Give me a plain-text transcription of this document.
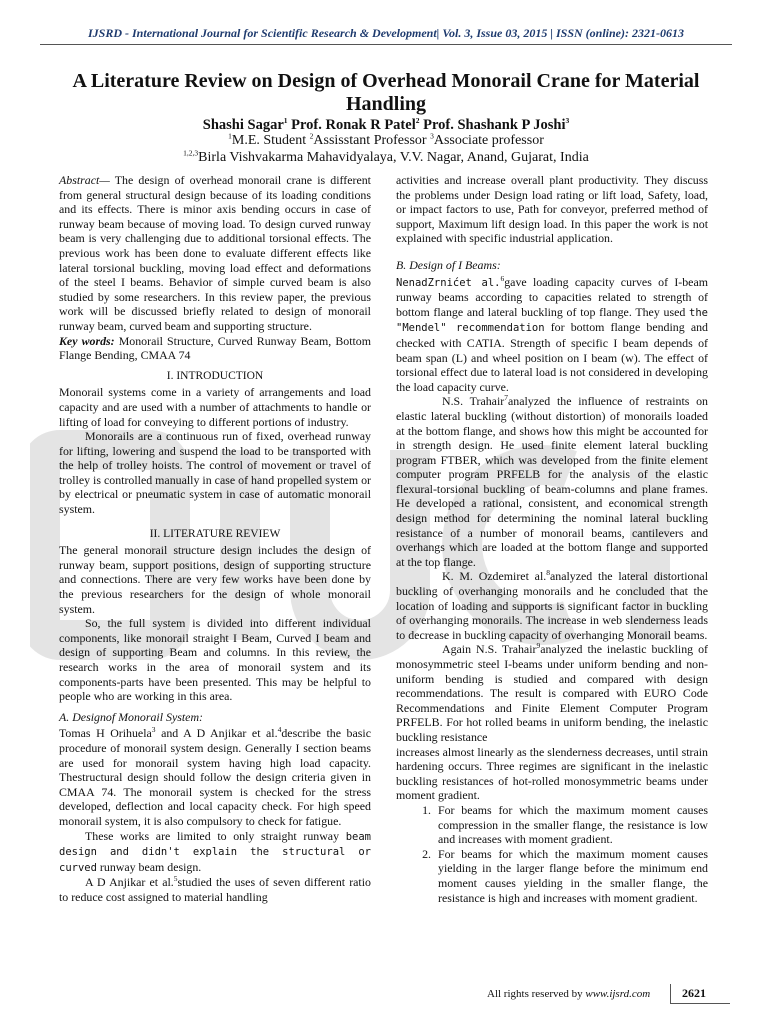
IJSRD - International Journal for Scientific Research & Development| Vol. 3, Issue 03, 2015 | ISSN (online): 2321-0613
A Literature Review on Design of Overhead Monorail Crane for Material Handling
Shashi Sagar$^1$ Prof. Ronak R Patel$^2$ Prof. Shashank P Joshi$^3$
$^1$M.E. Student $^2$Assisstant Professor $^3$Associate professor
$^{1,2,3}$Birla Vishvakarma Mahavidyalaya, V.V. Nagar, Anand, Gujarat, India

Abstract— The design of overhead monorail crane is different from general structural design because of its loading conditions and its effects. There is minor axis bending occurs in case of runway beam because of moving load. To design curved runway beam is very challenging due to additional torsional effects. The previous work has been done to evaluate different effects like lateral torsional buckling, moving load effect and deformations of the steel I beams. Behavior of simple curved beam is also studied by some researchers. In this review paper, the previous work will be discussed briefly related to design of monorail runway beam, curved beam and supporting structure.

Key words: Monorail Structure, Curved Runway Beam, Bottom Flange Bending, CMAA 74

I. INTRODUCTION

Monorail systems come in a variety of arrangements and load capacity and are used with a number of attachments to handle or lifting of load for conveying to different portions of industry.

Monorails are a continuous run of fixed, overhead runway for lifting, lowering and suspend the load to be transported with the help of trolley hoists. The control of movement or travel of trolley is controlled manually in case of hand propelled system or by electrical or pneumatic system in case of automatic monorail system.

II. LITERATURE REVIEW

The general monorail structure design includes the design of runway beam, support positions, design of supporting structure and connections. There are very few works have been done by the previous researchers for the design of whole monorail system.

So, the full system is divided into different individual components, like monorail straight I Beam, Curved I beam and design of supporting Beam and columns. In this review, the research works in the area of monorail system and its components-parts have been presented. This may be helpful to people who are working in this area.

A. Designof Monorail System:

Tomas H Orihuela$^3$ and A D Anjikar et al.$^4$describe the basic procedure of monorail system design. Generally I section beams are used for monorail system having high load capacity. Thestructural design should follow the design criteria given in CMAA 74. The monorail system is checked for the stress developed, deflection and local capacity check. For high speed monorail system, it is also compulsory to check for fatigue.

These works are limited to only straight runway beam design and didn't explain the structural or curved runway beam design.

A D Anjikar et al.$^5$studied the uses of seven different ratio to reduce cost assigned to material handling

activities and increase overall plant productivity. They discuss the problems under Design load rating or lift load, Safety, load, or impact factors to use, Path for conveyor, preferred method of support, Maximum lift design load. In this paper the work is not explained with specific industrial application.

B. Design of I Beams:

NenadZrnićet al.$^6$gave loading capacity curves of I-beam runway beams according to capacities related to strength of bottom flange and lateral buckling of top flange. They used the "Mendel" recommendation for bottom flange bending and checked with CATIA. Strength of specific I beam depends of beam span (L) and wheel position on I beam (w). The effect of torsional effect due to lateral load is not considered in developing the load capacity curve.

N.S. Trahair$^7$analyzed the influence of restraints on elastic lateral buckling (without distortion) of monorails loaded at the bottom flange, and shows how this might be accounted for in strength design. He used finite element lateral buckling program FTBER, which was developed from the finite element computer program PRFELB for the analysis of the elastic flexural-torsional buckling of beam-columns and plane frames. He developed a rational, consistent, and economical strength design method for determining the nominal lateral buckling resistance of a number of monorail beams, cantilevers and overhangs which are loaded at the bottom flange and supported at the top flange.

K. M. Ozdemiret al.$^8$analyzed the lateral distortional buckling of overhanging monorails and he concluded that the location of loading and supports is significant factor in buckling of overhanging monorails. The increase in web slenderness leads to decrease in buckling capacity of overhanging Monorail beams.

Again N.S. Trahair$^9$analyzed the inelastic buckling of monosymmetric steel I-beams under uniform bending and non-uniform bending is studied and compared with design recommendations. The result is compared with EURO Code Recommendations and Finite Element Computer Program PRFELB. For hot rolled beams in uniform bending, the inelastic buckling resistance

increases almost linearly as the slenderness decreases, until strain hardening occurs. Three regimes are significant in the inelastic buckling resistances of hot-rolled monosymmetric beams under moment gradient.

1. For beams for which the maximum moment causes compression in the smaller flange, the resistance is low and increases with moment gradient.
2. For beams for which the maximum moment causes yielding in the larger flange before the minimum end moment causes yielding in the smaller flange, the resistance is high and increases with moment gradient.
All rights reserved by www.ijsrd.com	2621
